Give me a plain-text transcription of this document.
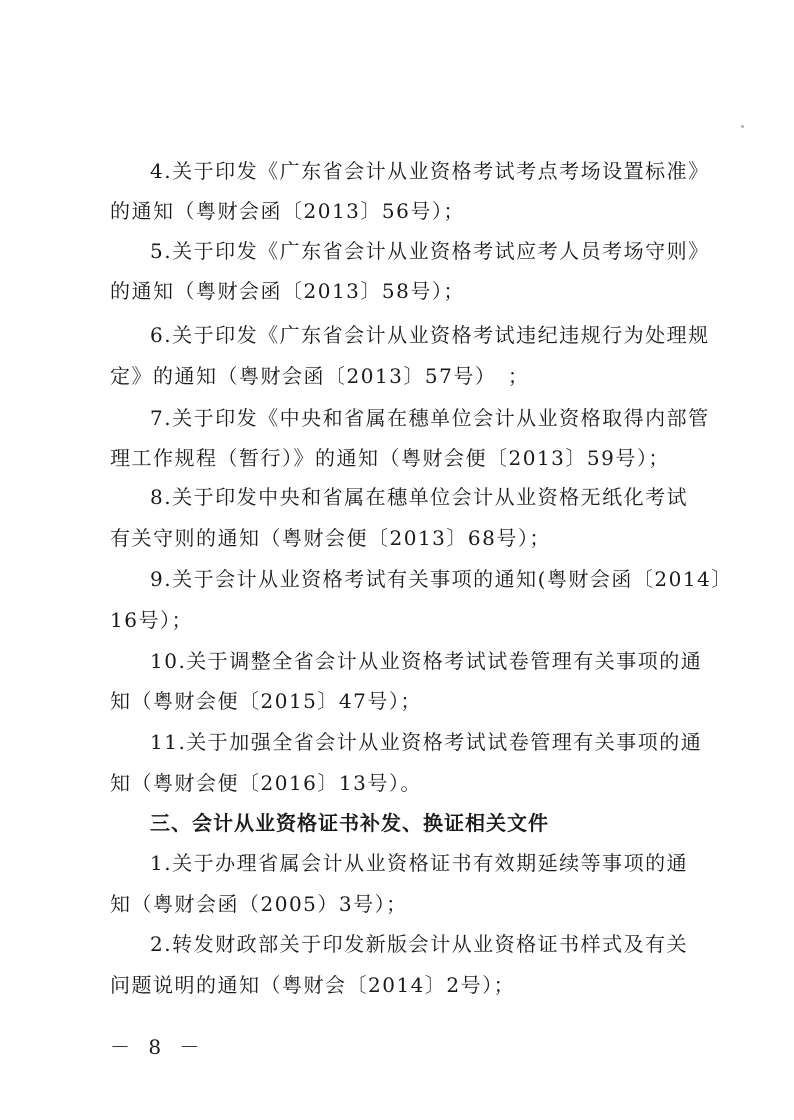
4.关于印发《广东省会计从业资格考试考点考场设置标准》
的通知（粤财会函〔2013〕56号）；
5.关于印发《广东省会计从业资格考试应考人员考场守则》
的通知（粤财会函〔2013〕58号）；
6.关于印发《广东省会计从业资格考试违纪违规行为处理规
定》的通知（粤财会函〔2013〕57号）　；
7.关于印发《中央和省属在穗单位会计从业资格取得内部管
理工作规程（暂行）》的通知（粤财会便〔2013〕59号）；
8.关于印发中央和省属在穗单位会计从业资格无纸化考试
有关守则的通知（粤财会便〔2013〕68号）；
9.关于会计从业资格考试有关事项的通知(粤财会函〔2014〕
16号）；
10.关于调整全省会计从业资格考试试卷管理有关事项的通
知（粤财会便〔2015〕47号）；
11.关于加强全省会计从业资格考试试卷管理有关事项的通
知（粤财会便〔2016〕13号）。
三、会计从业资格证书补发、换证相关文件
1.关于办理省属会计从业资格证书有效期延续等事项的通
知（粤财会函（2005）3号）；
2.转发财政部关于印发新版会计从业资格证书样式及有关
问题说明的通知（粤财会〔2014〕2号）；
－ 8 －
